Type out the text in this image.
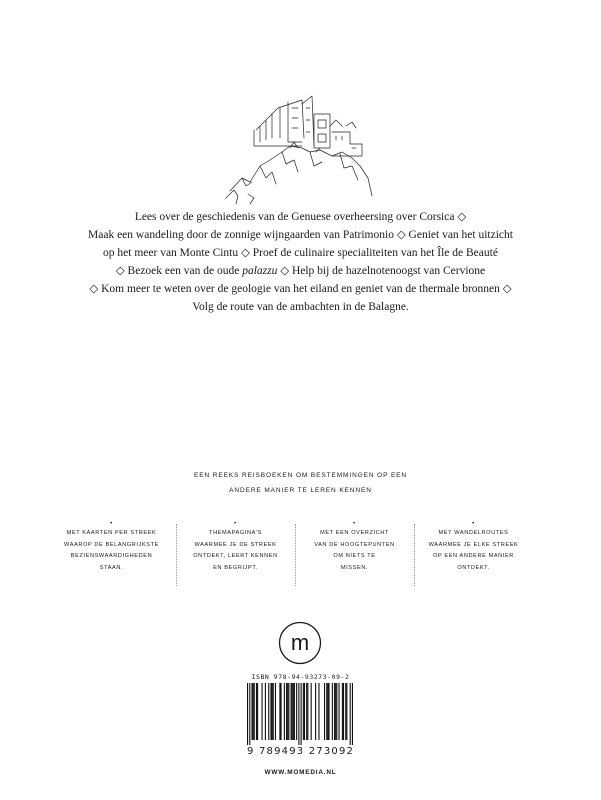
Lees over de geschiedenis van de Genuese overheersing over Corsica ◇
Maak een wandeling door de zonnige wijngaarden van Patrimonio ◇ Geniet van het uitzicht
op het meer van Monte Cintu ◇ Proef de culinaire specialiteiten van het Île de Beauté
◇ Bezoek een van de oude palazzu ◇ Help bij de hazelnotenoogst van Cervione
◇ Kom meer te weten over de geologie van het eiland en geniet van de thermale bronnen ◇
Volg de route van de ambachten in de Balagne.
EEN REEKS REISBOEKEN OM BESTEMMINGEN OP EEN
ANDERE MANIER TE LEREN KENNEN
•
MET KAARTEN PER STREEK
WAAROP DE BELANGRIJKSTE
BEZIENSWAARDIGHEDEN
STAAN.
•
THEMAPAGINA'S
WAARMEE JE DE STREEK
ONTDEKT, LEERT KENNEN
EN BEGRIJPT.
•
MET EEN OVERZICHT
VAN DE HOOGTEPUNTEN
OM NIETS TE
MISSEN.
•
MET WANDELROUTES
WAARMEE JE ELKE STREEK
OP EEN ANDERE MANIER
ONTDEKT.
m
ISBN 978-94-93273-09-2
9 789493 273092
WWW.MOMEDIA.NL
